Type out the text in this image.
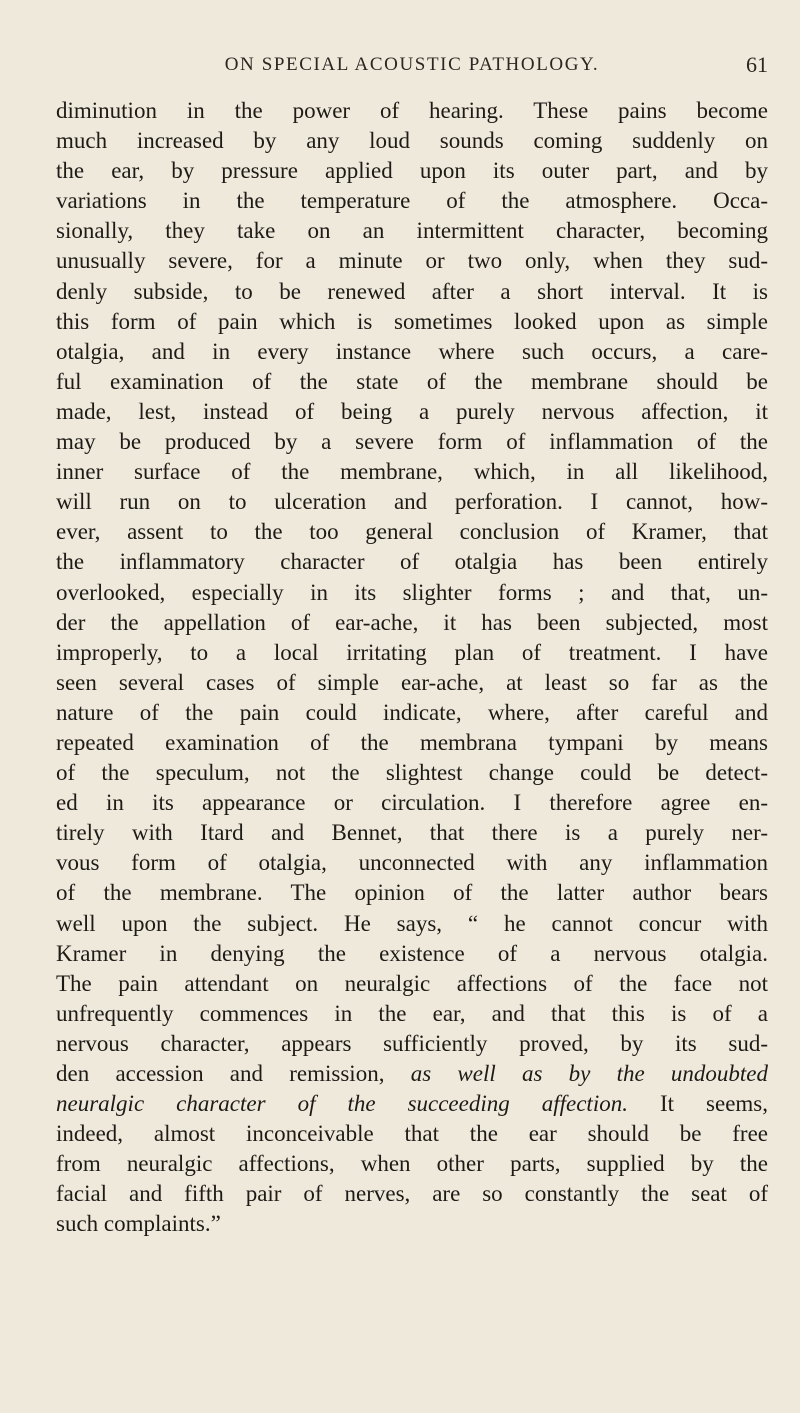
ON SPECIAL ACOUSTIC PATHOLOGY.	61
diminution in the power of hearing. These pains become
much increased by any loud sounds coming suddenly on
the ear, by pressure applied upon its outer part, and by
variations in the temperature of the atmosphere. Occa-
sionally, they take on an intermittent character, becoming
unusually severe, for a minute or two only, when they sud-
denly subside, to be renewed after a short interval. It is
this form of pain which is sometimes looked upon as simple
otalgia, and in every instance where such occurs, a care-
ful examination of the state of the membrane should be
made, lest, instead of being a purely nervous affection, it
may be produced by a severe form of inflammation of the
inner surface of the membrane, which, in all likelihood,
will run on to ulceration and perforation. I cannot, how-
ever, assent to the too general conclusion of Kramer, that
the inflammatory character of otalgia has been entirely
overlooked, especially in its slighter forms ; and that, un-
der the appellation of ear-ache, it has been subjected, most
improperly, to a local irritating plan of treatment. I have
seen several cases of simple ear-ache, at least so far as the
nature of the pain could indicate, where, after careful and
repeated examination of the membrana tympani by means
of the speculum, not the slightest change could be detect-
ed in its appearance or circulation. I therefore agree en-
tirely with Itard and Bennet, that there is a purely ner-
vous form of otalgia, unconnected with any inflammation
of the membrane. The opinion of the latter author bears
well upon the subject. He says, “ he cannot concur with
Kramer in denying the existence of a nervous otalgia.
The pain attendant on neuralgic affections of the face not
unfrequently commences in the ear, and that this is of a
nervous character, appears sufficiently proved, by its sud-
den accession and remission, as well as by the undoubted
neuralgic character of the succeeding affection. It seems,
indeed, almost inconceivable that the ear should be free
from neuralgic affections, when other parts, supplied by the
facial and fifth pair of nerves, are so constantly the seat of
such complaints.”
